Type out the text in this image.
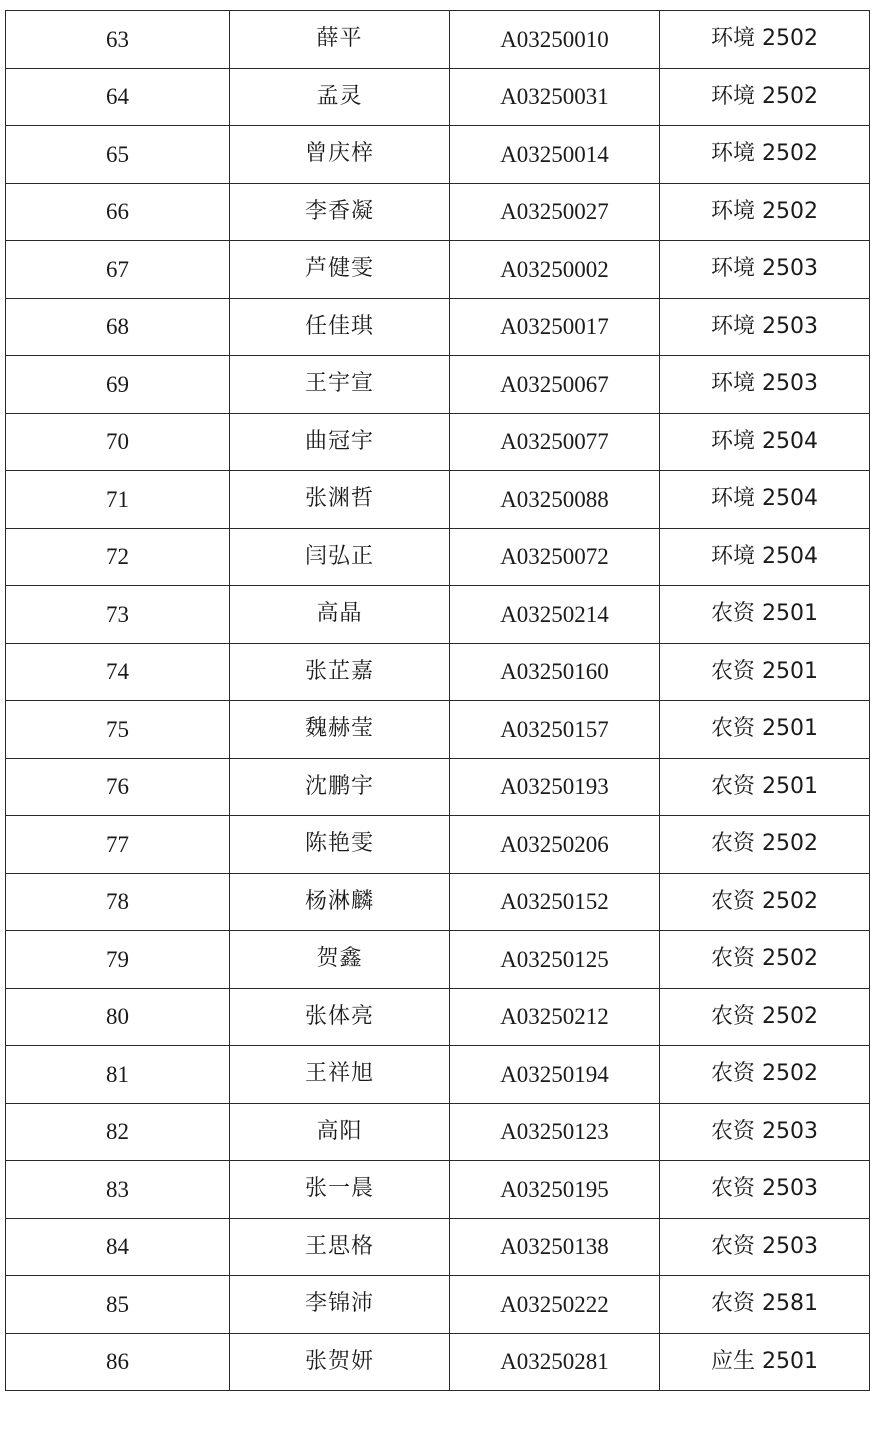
63	薛平	A03250010	环境 2502
64	孟灵	A03250031	环境 2502
65	曾庆梓	A03250014	环境 2502
66	李香凝	A03250027	环境 2502
67	芦健雯	A03250002	环境 2503
68	任佳琪	A03250017	环境 2503
69	王宇宣	A03250067	环境 2503
70	曲冠宇	A03250077	环境 2504
71	张渊哲	A03250088	环境 2504
72	闫弘正	A03250072	环境 2504
73	高晶	A03250214	农资 2501
74	张芷嘉	A03250160	农资 2501
75	魏赫莹	A03250157	农资 2501
76	沈鹏宇	A03250193	农资 2501
77	陈艳雯	A03250206	农资 2502
78	杨淋麟	A03250152	农资 2502
79	贺鑫	A03250125	农资 2502
80	张体亮	A03250212	农资 2502
81	王祥旭	A03250194	农资 2502
82	高阳	A03250123	农资 2503
83	张一晨	A03250195	农资 2503
84	王思格	A03250138	农资 2503
85	李锦沛	A03250222	农资 2581
86	张贺妍	A03250281	应生 2501
